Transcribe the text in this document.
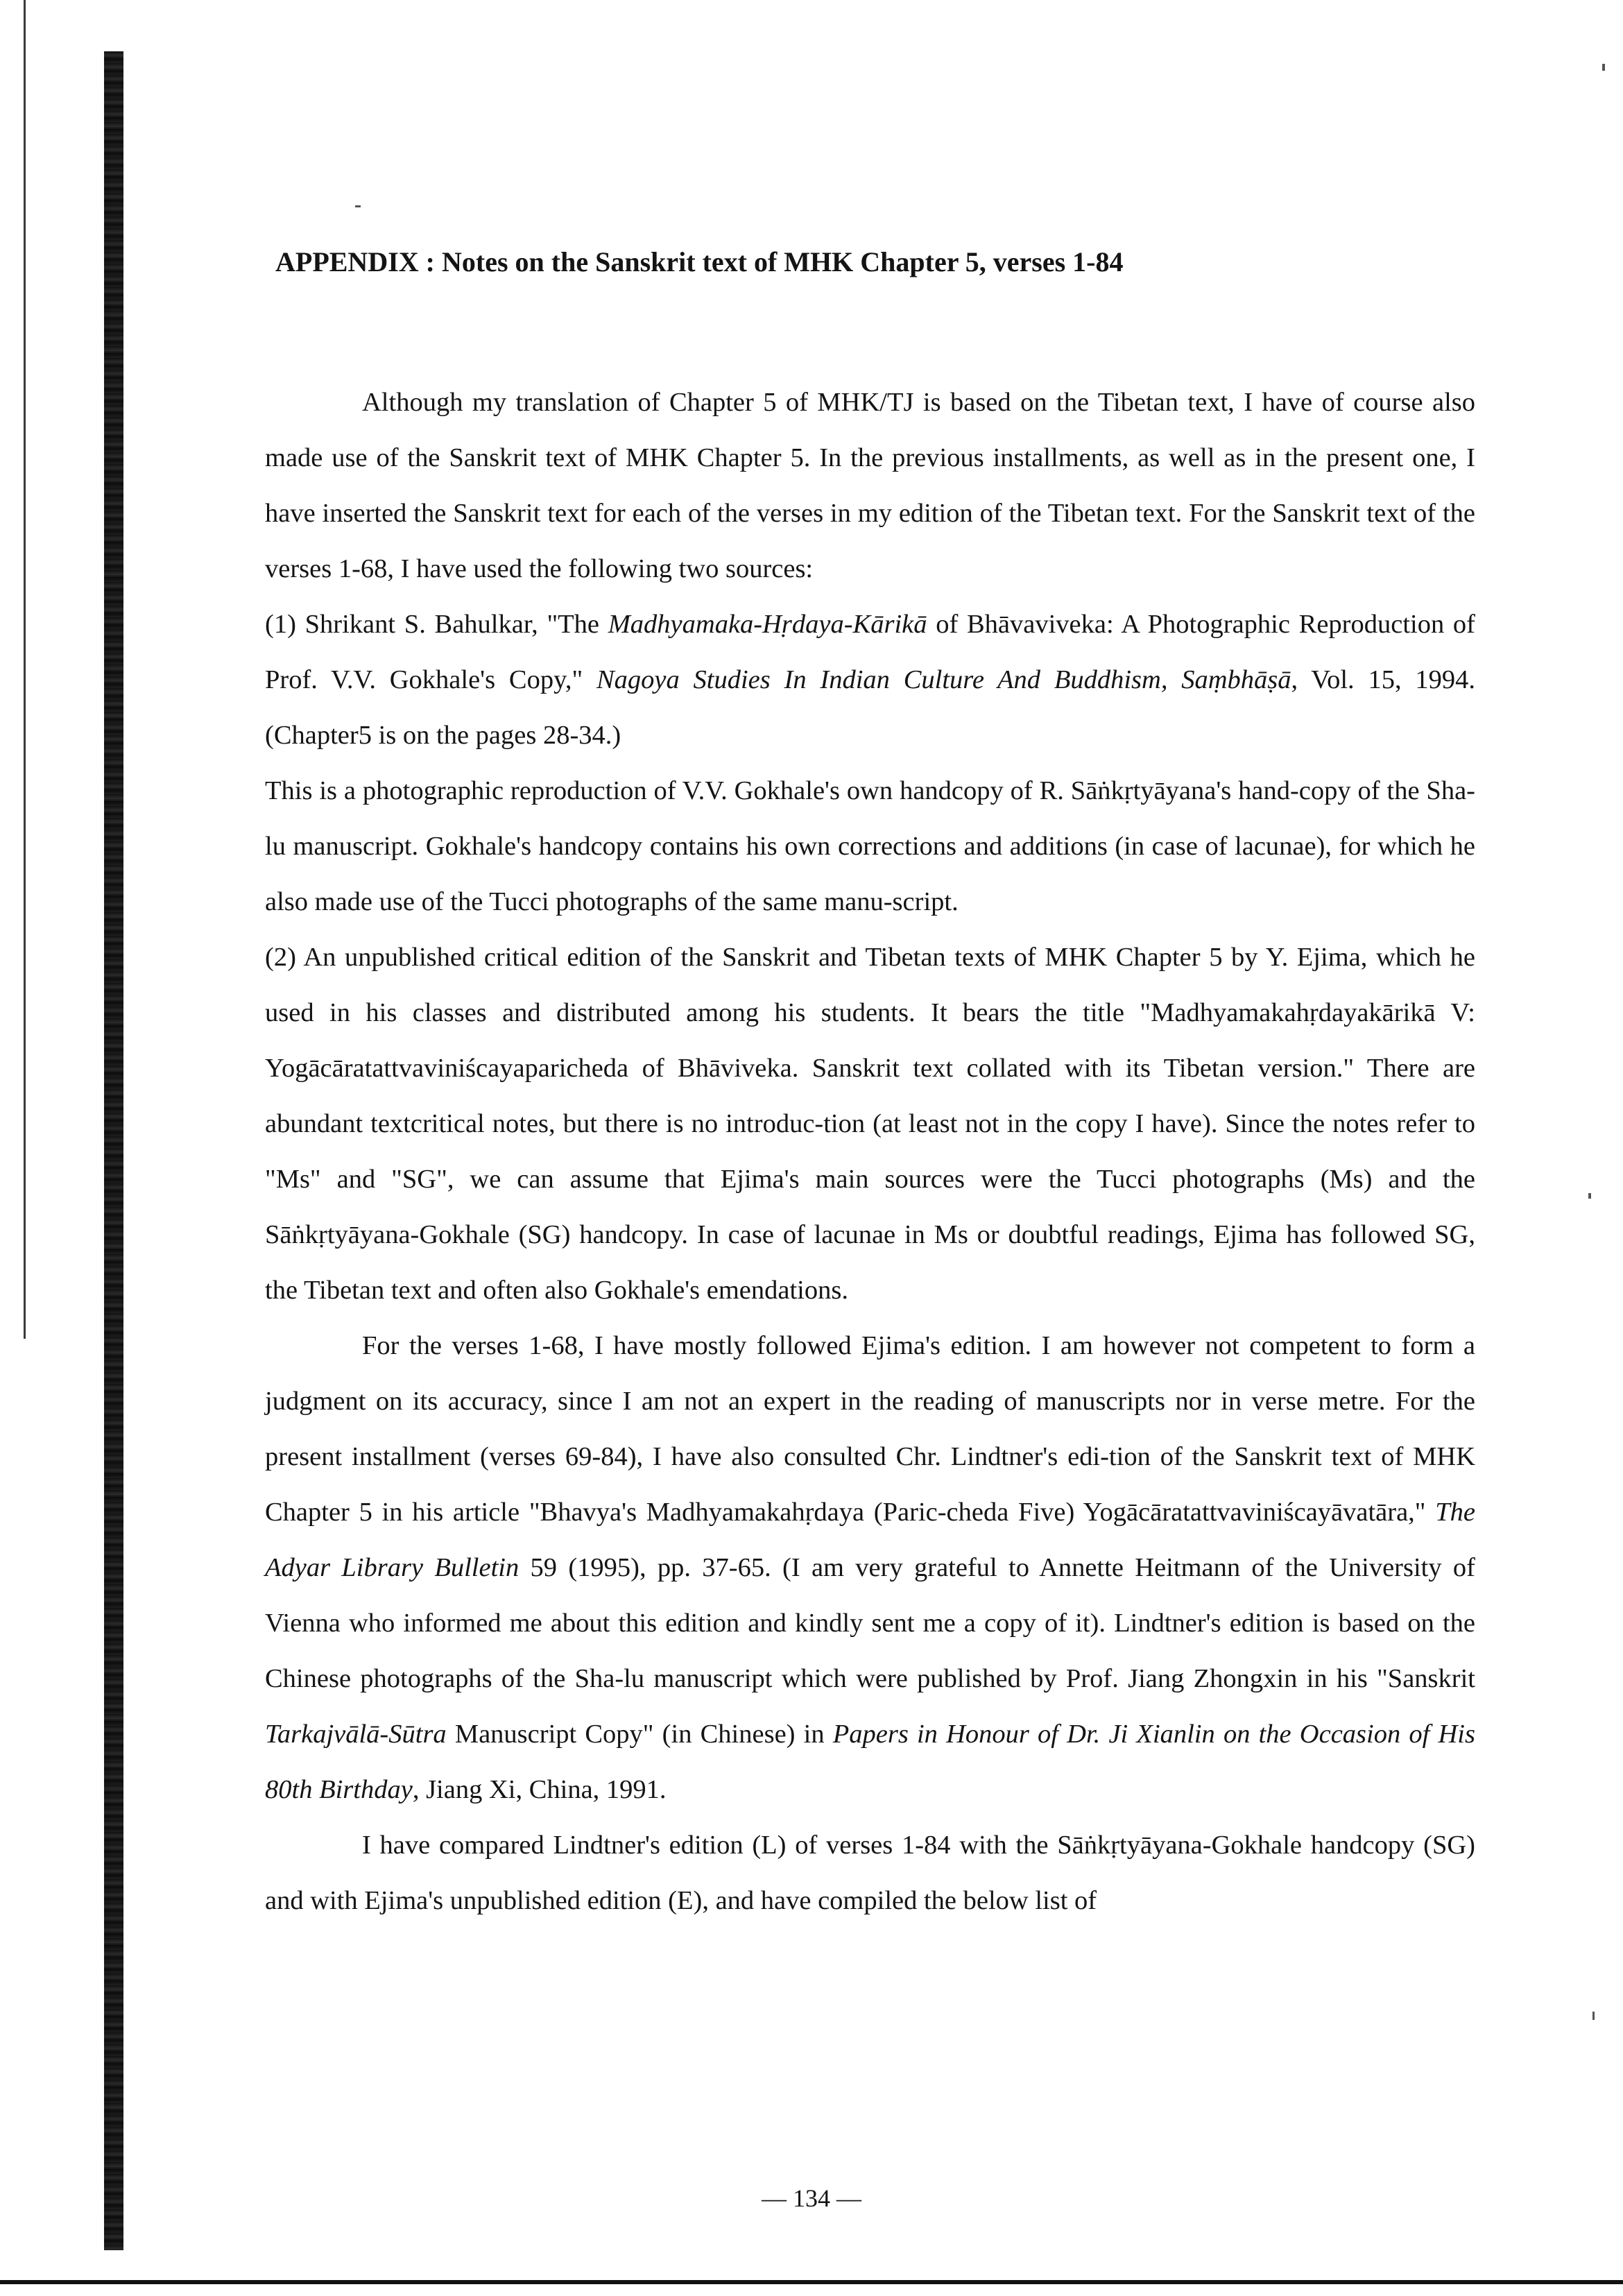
APPENDIX : Notes on the Sanskrit text of MHK Chapter 5, verses 1-84

Although my translation of Chapter 5 of MHK/TJ is based on the Tibetan text, I have of course also made use of the Sanskrit text of MHK Chapter 5. In the previous installments, as well as in the present one, I have inserted the Sanskrit text for each of the verses in my edition of the Tibetan text. For the Sanskrit text of the verses 1-68, I have used the following two sources:

(1) Shrikant S. Bahulkar, "The Madhyamaka-Hṛdaya-Kārikā of Bhāvaviveka: A Photographic Reproduction of Prof. V.V. Gokhale's Copy," Nagoya Studies In Indian Culture And Buddhism, Saṃbhāṣā, Vol. 15, 1994. (Chapter5 is on the pages 28-34.)

This is a photographic reproduction of V.V. Gokhale's own handcopy of R. Sāṅkṛtyāyana's hand-copy of the Sha-lu manuscript. Gokhale's handcopy contains his own corrections and additions (in case of lacunae), for which he also made use of the Tucci photographs of the same manu-script.

(2) An unpublished critical edition of the Sanskrit and Tibetan texts of MHK Chapter 5 by Y. Ejima, which he used in his classes and distributed among his students. It bears the title "Madhyamakahṛdayakārikā V: Yogācāratattvaviniścayaparicheda of Bhāviveka. Sanskrit text collated with its Tibetan version." There are abundant textcritical notes, but there is no introduc-tion (at least not in the copy I have). Since the notes refer to "Ms" and "SG", we can assume that Ejima's main sources were the Tucci photographs (Ms) and the Sāṅkṛtyāyana-Gokhale (SG) handcopy. In case of lacunae in Ms or doubtful readings, Ejima has followed SG, the Tibetan text and often also Gokhale's emendations.

For the verses 1-68, I have mostly followed Ejima's edition. I am however not competent to form a judgment on its accuracy, since I am not an expert in the reading of manuscripts nor in verse metre. For the present installment (verses 69-84), I have also consulted Chr. Lindtner's edi-tion of the Sanskrit text of MHK Chapter 5 in his article "Bhavya's Madhyamakahṛdaya (Paric-cheda Five) Yogācāratattvaviniścayāvatāra," The Adyar Library Bulletin 59 (1995), pp. 37-65. (I am very grateful to Annette Heitmann of the University of Vienna who informed me about this edition and kindly sent me a copy of it). Lindtner's edition is based on the Chinese photographs of the Sha-lu manuscript which were published by Prof. Jiang Zhongxin in his "Sanskrit Tarkajvālā-Sūtra Manuscript Copy" (in Chinese) in Papers in Honour of Dr. Ji Xianlin on the Occasion of His 80th Birthday, Jiang Xi, China, 1991.

I have compared Lindtner's edition (L) of verses 1-84 with the Sāṅkṛtyāyana-Gokhale handcopy (SG) and with Ejima's unpublished edition (E), and have compiled the below list of

— 134 —
